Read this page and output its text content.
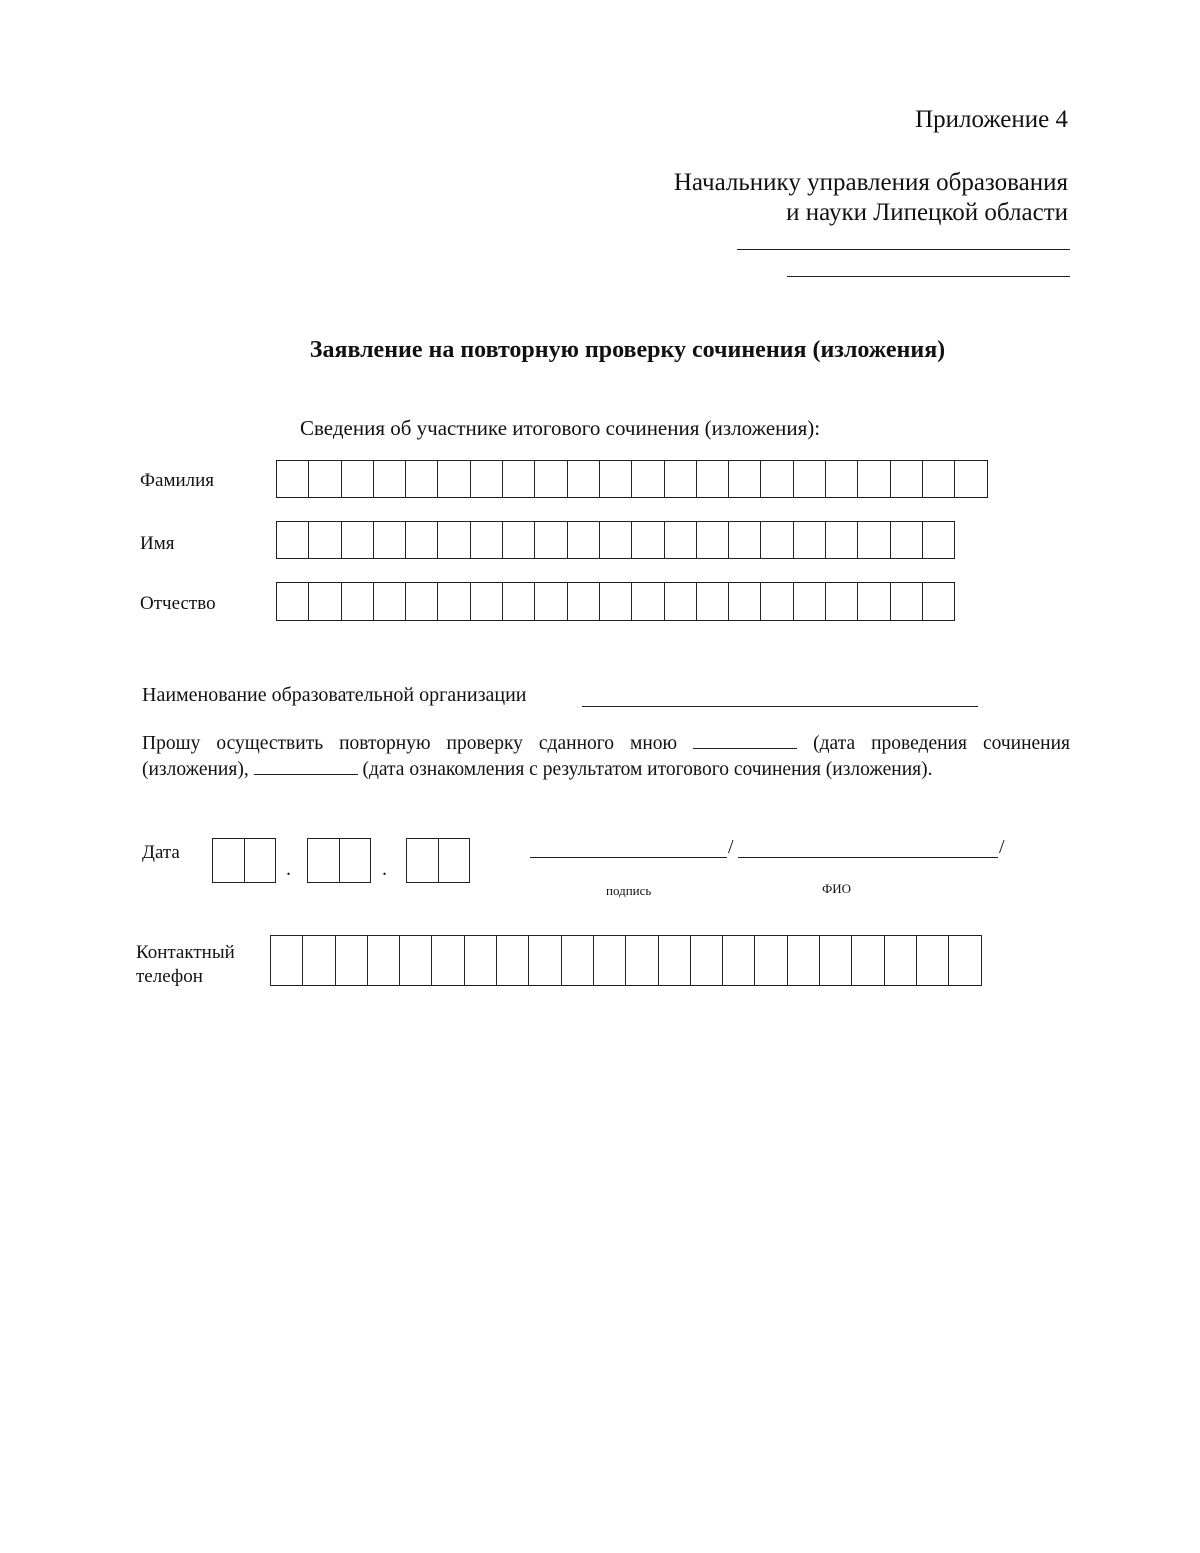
Приложение 4
Начальнику управления образования
и науки Липецкой области
Заявление на повторную проверку сочинения (изложения)
Сведения об участнике итогового сочинения (изложения):
Фамилия
Имя
Отчество
Наименование образовательной организации
Прошу осуществить повторную проверку сданного мною	(дата проведения сочинения (изложения),	(дата ознакомления с результатом итогового сочинения (изложения).
Дата
.	.
/	/
подпись	ФИО
Контактный
телефон
